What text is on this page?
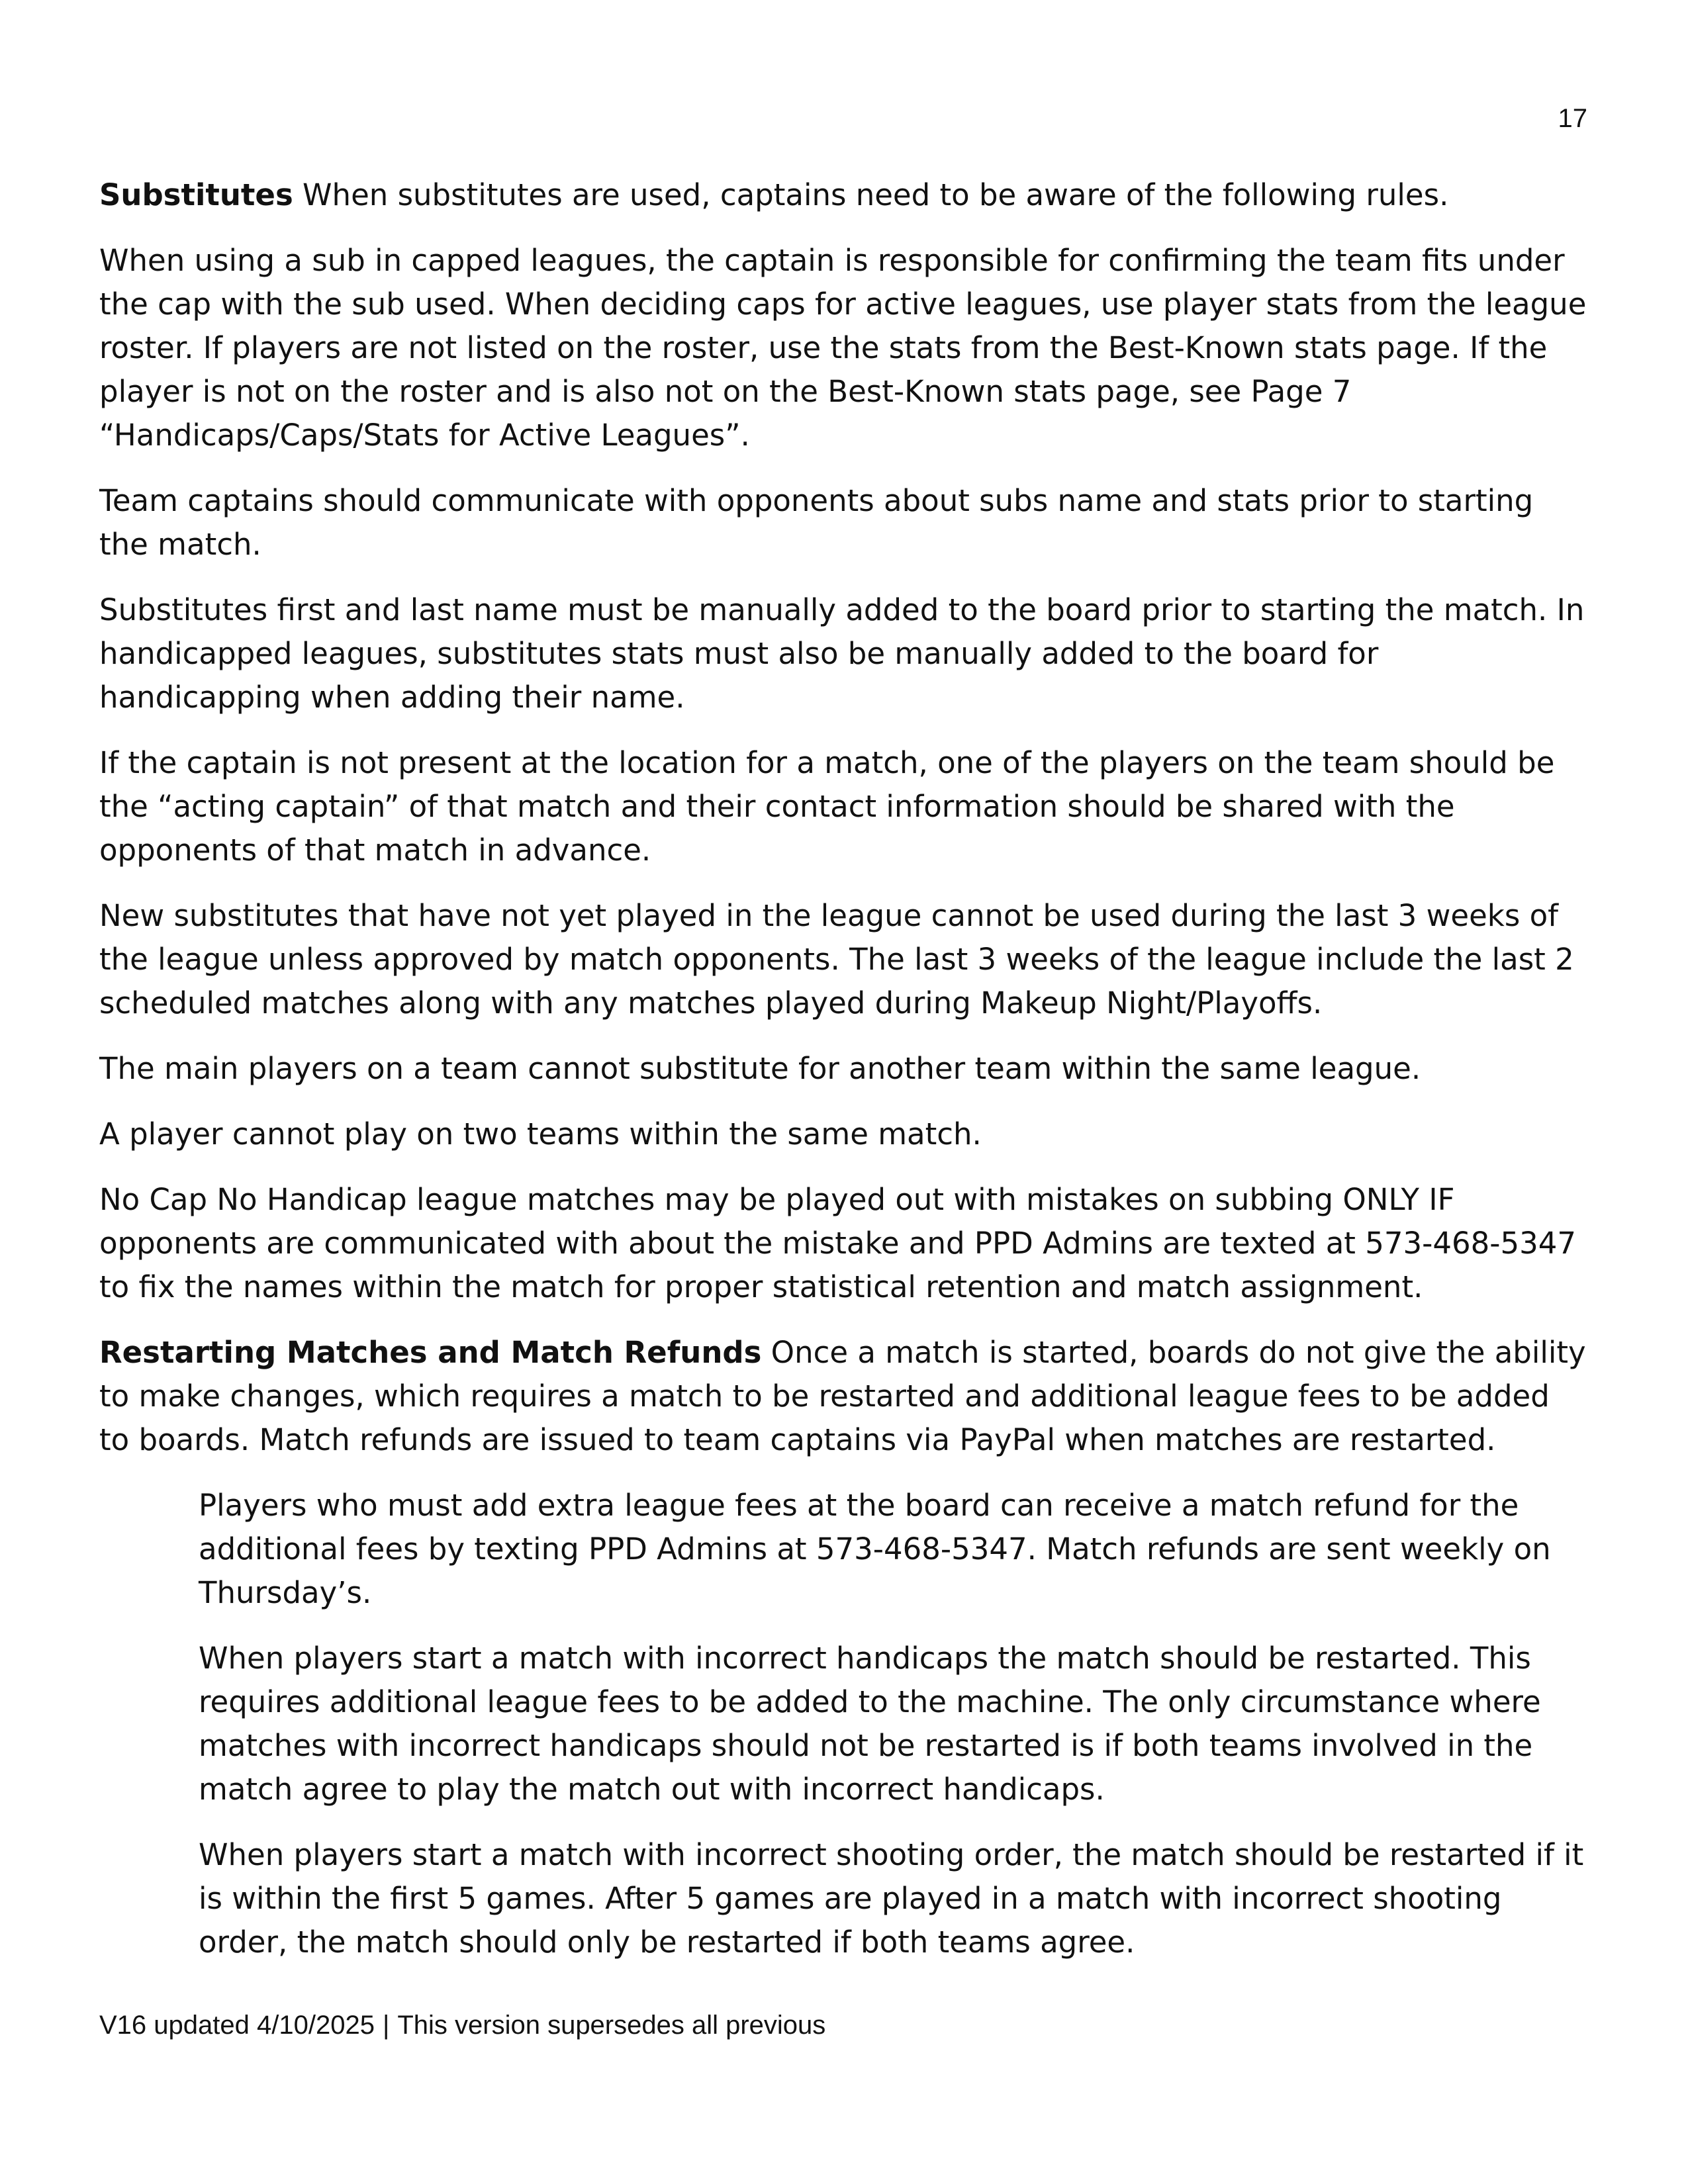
17

Substitutes When substitutes are used, captains need to be aware of the following rules.

When using a sub in capped leagues, the captain is responsible for confirming the team fits under the cap with the sub used. When deciding caps for active leagues, use player stats from the league roster. If players are not listed on the roster, use the stats from the Best-Known stats page. If the player is not on the roster and is also not on the Best-Known stats page, see Page 7 “Handicaps/Caps/Stats for Active Leagues”.

Team captains should communicate with opponents about subs name and stats prior to starting the match.

Substitutes first and last name must be manually added to the board prior to starting the match. In handicapped leagues, substitutes stats must also be manually added to the board for handicapping when adding their name.

If the captain is not present at the location for a match, one of the players on the team should be the “acting captain” of that match and their contact information should be shared with the opponents of that match in advance.

New substitutes that have not yet played in the league cannot be used during the last 3 weeks of the league unless approved by match opponents. The last 3 weeks of the league include the last 2 scheduled matches along with any matches played during Makeup Night/Playoffs.

The main players on a team cannot substitute for another team within the same league.

A player cannot play on two teams within the same match.

No Cap No Handicap league matches may be played out with mistakes on subbing ONLY IF opponents are communicated with about the mistake and PPD Admins are texted at 573-468-5347 to fix the names within the match for proper statistical retention and match assignment.

Restarting Matches and Match Refunds Once a match is started, boards do not give the ability to make changes, which requires a match to be restarted and additional league fees to be added to boards. Match refunds are issued to team captains via PayPal when matches are restarted.

Players who must add extra league fees at the board can receive a match refund for the additional fees by texting PPD Admins at 573-468-5347. Match refunds are sent weekly on Thursday’s.

When players start a match with incorrect handicaps the match should be restarted. This requires additional league fees to be added to the machine. The only circumstance where matches with incorrect handicaps should not be restarted is if both teams involved in the match agree to play the match out with incorrect handicaps.

When players start a match with incorrect shooting order, the match should be restarted if it is within the first 5 games. After 5 games are played in a match with incorrect shooting order, the match should only be restarted if both teams agree.

V16 updated 4/10/2025 | This version supersedes all previous
